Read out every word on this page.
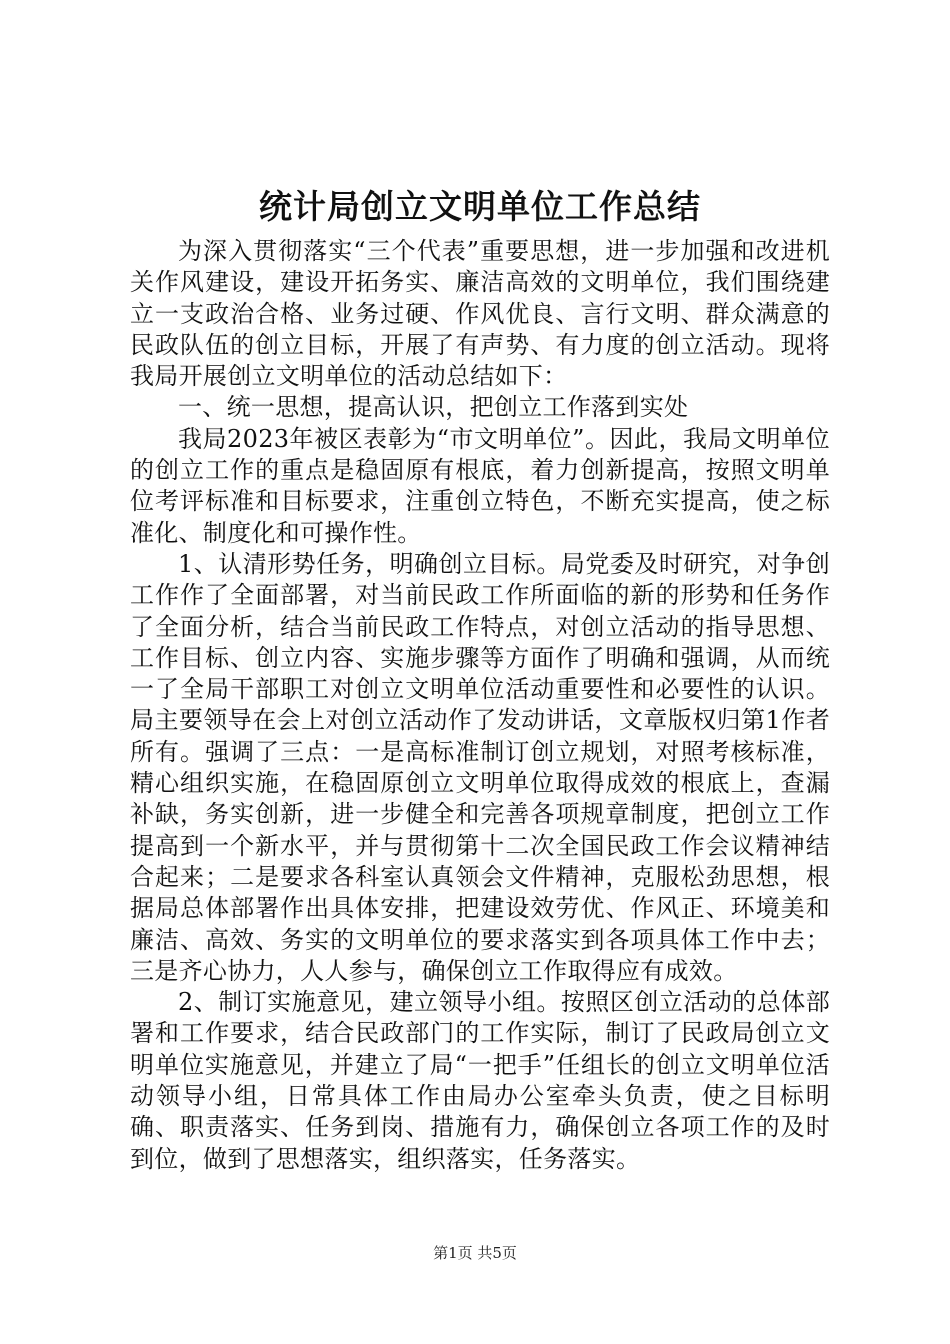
统计局创立文明单位工作总结

为深入贯彻落实“三个代表”重要思想，进一步加强和改进机关作风建设，建设开拓务实、廉洁高效的文明单位，我们围绕建立一支政治合格、业务过硬、作风优良、言行文明、群众满意的民政队伍的创立目标，开展了有声势、有力度的创立活动。现将我局开展创立文明单位的活动总结如下：

一、统一思想，提高认识，把创立工作落到实处

我局2023年被区表彰为“市文明单位”。因此，我局文明单位的创立工作的重点是稳固原有根底，着力创新提高，按照文明单位考评标准和目标要求，注重创立特色，不断充实提高，使之标准化、制度化和可操作性。

1、认清形势任务，明确创立目标。局党委及时研究，对争创工作作了全面部署，对当前民政工作所面临的新的形势和任务作了全面分析，结合当前民政工作特点，对创立活动的指导思想、工作目标、创立内容、实施步骤等方面作了明确和强调，从而统一了全局干部职工对创立文明单位活动重要性和必要性的认识。局主要领导在会上对创立活动作了发动讲话，文章版权归第1作者所有。强调了三点：一是高标准制订创立规划，对照考核标准，精心组织实施，在稳固原创立文明单位取得成效的根底上，查漏补缺，务实创新，进一步健全和完善各项规章制度，把创立工作提高到一个新水平，并与贯彻第十二次全国民政工作会议精神结合起来；二是要求各科室认真领会文件精神，克服松劲思想，根据局总体部署作出具体安排，把建设效劳优、作风正、环境美和廉洁、高效、务实的文明单位的要求落实到各项具体工作中去；三是齐心协力，人人参与，确保创立工作取得应有成效。

2、制订实施意见，建立领导小组。按照区创立活动的总体部署和工作要求，结合民政部门的工作实际，制订了民政局创立文明单位实施意见，并建立了局“一把手”任组长的创立文明单位活动领导小组，日常具体工作由局办公室牵头负责，使之目标明确、职责落实、任务到岗、措施有力，确保创立各项工作的及时到位，做到了思想落实，组织落实，任务落实。

第1页 共5页
